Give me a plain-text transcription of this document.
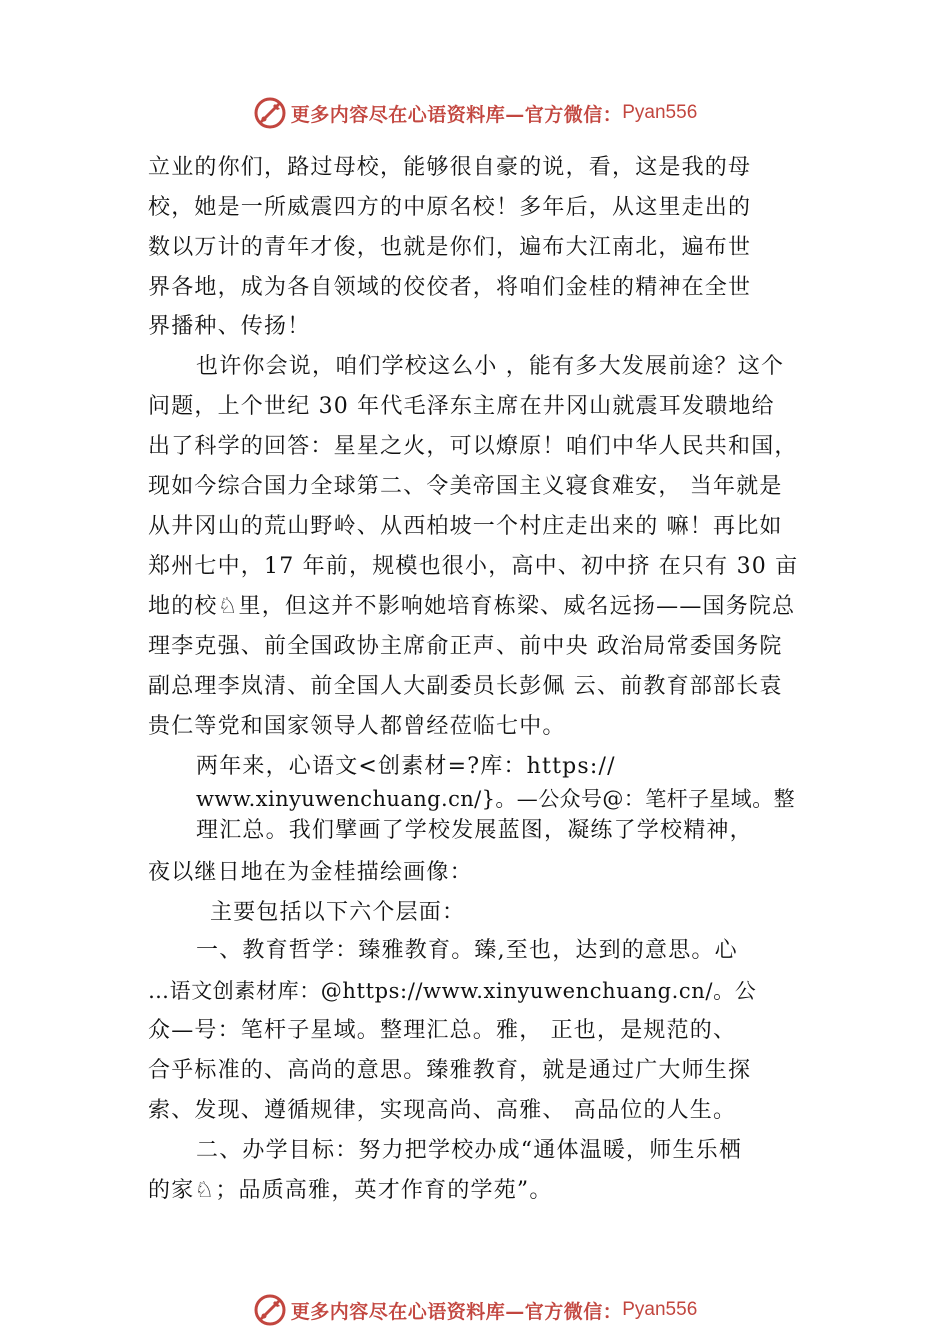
更多内容尽在心语资料库—官方微信： Pyan556
立业的你们，路过母校，能够很自豪的说，看，这是我的母
校，她是一所威震四方的中原名校！多年后，从这里走出的
数以万计的青年才俊，也就是你们，遍布大江南北，遍布世
界各地，成为各自领域的佼佼者，将咱们金桂的精神在全世
界播种、传扬！
也许你会说，咱们学校这么小 ，能有多大发展前途？这个
问题，上个世纪 30 年代毛泽东主席在井冈山就震耳发聩地给
出了科学的回答：星星之火，可以燎原！咱们中华人民共和国，
现如今综合国力全球第二、令美帝国主义寝食难安， 当年就是
从井冈山的荒山野岭、从西柏坡一个村庄走出来的 嘛！再比如
郑州七中，17 年前，规模也很小，高中、初中挤 在只有 30 亩
地的校♘里，但这并不影响她培育栋梁、威名远扬——国务院总
理李克强、前全国政协主席俞正声、前中央 政治局常委国务院
副总理李岚清、前全国人大副委员长彭佩 云、前教育部部长袁
贵仁等党和国家领导人都曾经莅临七中。
两年来，心语文<创素材=?库：https://
www.xinyuwenchuang.cn/}。—公众号@：笔杆子星域。整
理汇总。我们擘画了学校发展蓝图，凝练了学校精神，
夜以继日地在为金桂描绘画像：
主要包括以下六个层面：
一、教育哲学：臻雅教育。臻,至也，达到的意思。心
…语文创素材库：@https://www.xinyuwenchuang.cn/。公
众—号：笔杆子星域。整理汇总。雅， 正也，是规范的、
合乎标准的、高尚的意思。臻雅教育，就是通过广大师生探
索、发现、遵循规律，实现高尚、高雅、 高品位的人生。
二、办学目标：努力把学校办成“通体温暖，师生乐栖
的家♘；品质高雅，英才作育的学苑”。
更多内容尽在心语资料库—官方微信： Pyan556
